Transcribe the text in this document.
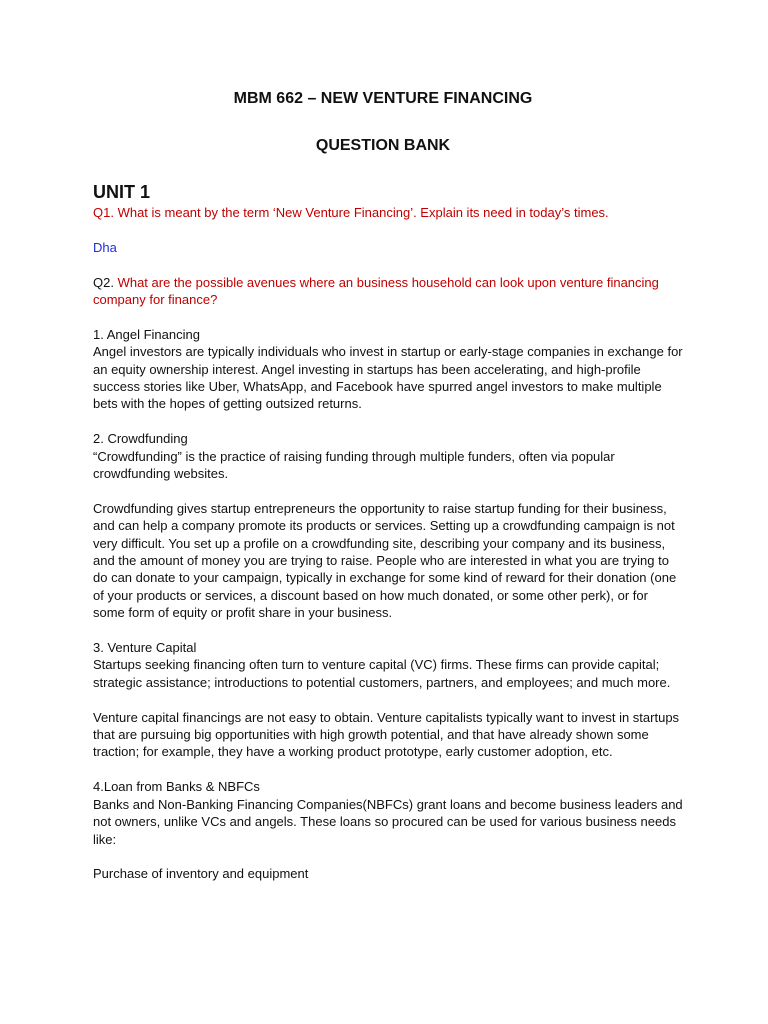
MBM 662 – NEW VENTURE FINANCING
QUESTION BANK
UNIT 1

Q1. What is meant by the term ‘New Venture Financing’. Explain its need in today’s times.

Dha

Q2. What are the possible avenues where an business household can look upon venture financing company for finance?

1. Angel Financing

Angel investors are typically individuals who invest in startup or early-stage companies in exchange for an equity ownership interest. Angel investing in startups has been accelerating, and high-profile success stories like Uber, WhatsApp, and Facebook have spurred angel investors to make multiple bets with the hopes of getting outsized returns.

2. Crowdfunding

“Crowdfunding” is the practice of raising funding through multiple funders, often via popular crowdfunding websites.

Crowdfunding gives startup entrepreneurs the opportunity to raise startup funding for their business, and can help a company promote its products or services. Setting up a crowdfunding campaign is not very difficult. You set up a profile on a crowdfunding site, describing your company and its business, and the amount of money you are trying to raise. People who are interested in what you are trying to do can donate to your campaign, typically in exchange for some kind of reward for their donation (one of your products or services, a discount based on how much donated, or some other perk), or for some form of equity or profit share in your business.

3. Venture Capital

Startups seeking financing often turn to venture capital (VC) firms. These firms can provide capital; strategic assistance; introductions to potential customers, partners, and employees; and much more.

Venture capital financings are not easy to obtain. Venture capitalists typically want to invest in startups that are pursuing big opportunities with high growth potential, and that have already shown some traction; for example, they have a working product prototype, early customer adoption, etc.

4.Loan from Banks & NBFCs

Banks and Non-Banking Financing Companies(NBFCs) grant loans and become business leaders and not owners, unlike VCs and angels. These loans so procured can be used for various business needs like:

Purchase of inventory and equipment
